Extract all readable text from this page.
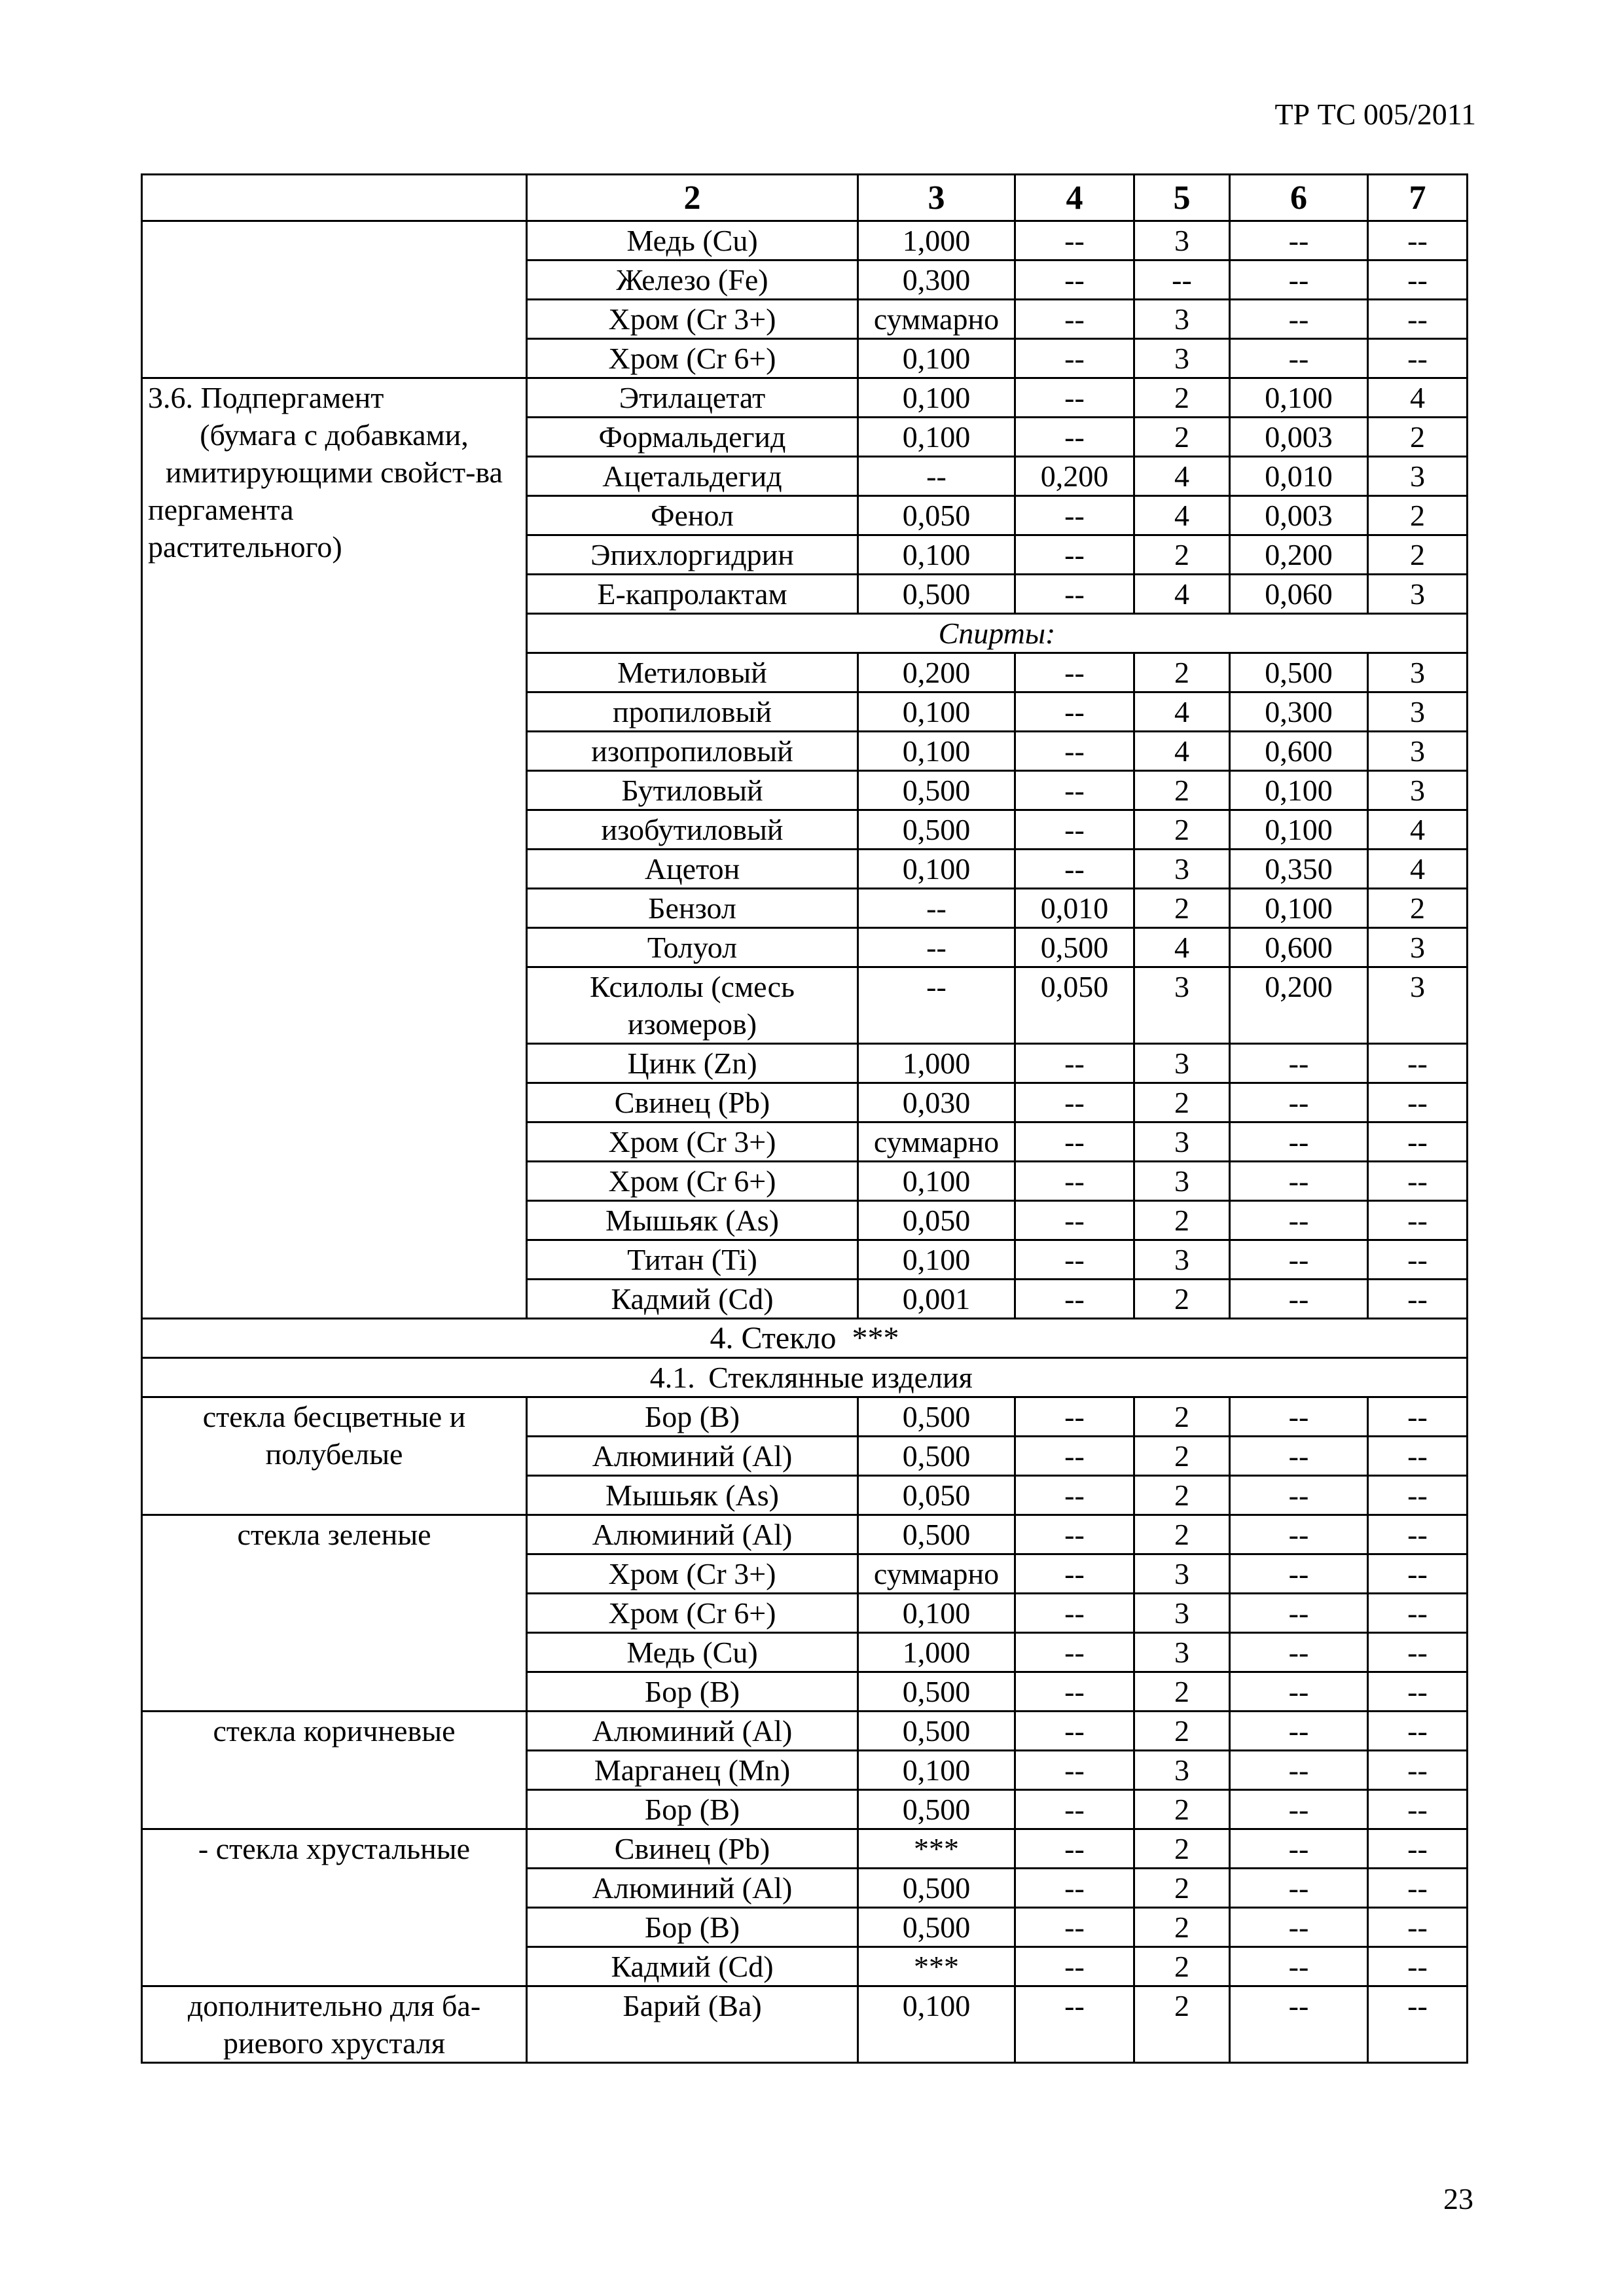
ТР ТС 005/2011
	2	3	4	5	6	7
	Медь (Cu)	1,000	--	3	--	--
	Железо (Fe)	0,300	--	--	--	--
	Хром (Cr 3+)	суммарно	--	3	--	--
	Хром (Cr 6+)	0,100	--	3	--	--

3.6. Подпергамент
(бумага с добавками, имитирующими свойст-ва пергамента
растительного)	Этилацетат	0,100	--	2	0,100	4
	Формальдегид	0,100	--	2	0,003	2
	Ацетальдегид	--	0,200	4	0,010	3
	Фенол	0,050	--	4	0,003	2
	Эпихлоргидрин	0,100	--	2	0,200	2
	Е-капролактам	0,500	--	4	0,060	3
	Спирты:					
	Метиловый	0,200	--	2	0,500	3
	пропиловый	0,100	--	4	0,300	3
	изопропиловый	0,100	--	4	0,600	3
	Бутиловый	0,500	--	2	0,100	3
	изобутиловый	0,500	--	2	0,100	4
	Ацетон	0,100	--	3	0,350	4
	Бензол	--	0,010	2	0,100	2
	Толуол	--	0,500	4	0,600	3
	Ксилолы (смесь изомеров)	--	0,050	3	0,200	3
	Цинк (Zn)	1,000	--	3	--	--
	Свинец (Pb)	0,030	--	2	--	--
	Хром (Cr 3+)	суммарно	--	3	--	--
	Хром (Cr 6+)	0,100	--	3	--	--
	Мышьяк (As)	0,050	--	2	--	--
	Титан (Ti)	0,100	--	3	--	--
	Кадмий (Cd)	0,001	--	2	--	--
4. Стекло ***						
4.1. Стеклянные изделия						
стекла бесцветные и полубелые	Бор (B)	0,500	--	2	--	--
	Алюминий (Al)	0,500	--	2	--	--
	Мышьяк (As)	0,050	--	2	--	--
стекла зеленые	Алюминий (Al)	0,500	--	2	--	--
	Хром (Cr 3+)	суммарно	--	3	--	--
	Хром (Cr 6+)	0,100	--	3	--	--
	Медь (Cu)	1,000	--	3	--	--
	Бор (B)	0,500	--	2	--	--
стекла коричневые	Алюминий (Al)	0,500	--	2	--	--
	Марганец (Mn)	0,100	--	3	--	--
	Бор (B)	0,500	--	2	--	--
- стекла хрустальные	Свинец (Pb)	***	--	2	--	--
	Алюминий (Al)	0,500	--	2	--	--
	Бор (B)	0,500	--	2	--	--
	Кадмий (Cd)	***	--	2	--	--
дополнительно для ба-риевого хрусталя	Барий (Ba)	0,100	--	2	--	--
23
